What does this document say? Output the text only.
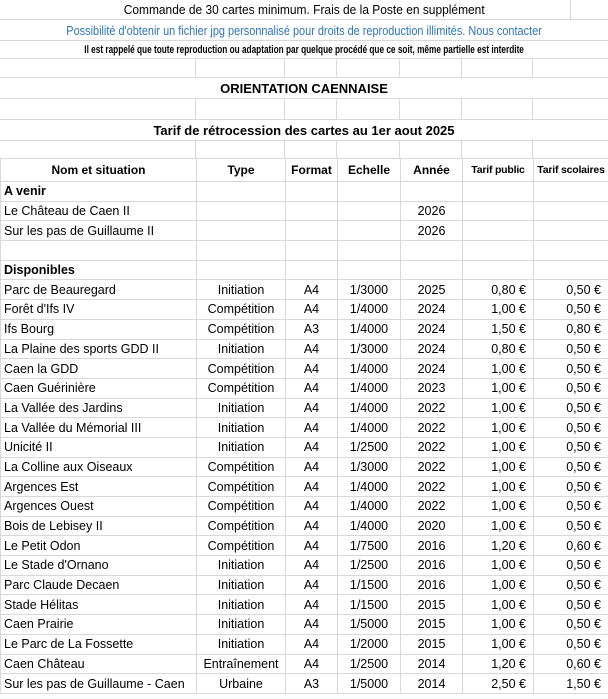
Commande de 30 cartes minimum. Frais de la Poste en supplément
Possibilité d'obtenir un fichier jpg personnalisé pour droits de reproduction illimités. Nous contacter
Il est rappelé que toute reproduction ou adaptation par quelque procédé que ce soit, même partielle est interdite
ORIENTATION CAENNAISE
Tarif de rétrocession des cartes au 1er aout 2025
Nom et situation	Type	Format	Echelle	Année	Tarif public	Tarif scolaires
A venir						
Le Château de Caen II				2026		
Sur les pas de Guillaume II				2026		

Disponibles						
Parc de Beauregard	Initiation	A4	1/3000	2025	0,80 €	0,50 €
Forêt d'Ifs IV	Compétition	A4	1/4000	2024	1,00 €	0,50 €
Ifs Bourg	Compétition	A3	1/4000	2024	1,50 €	0,80 €
La Plaine des sports GDD II	Initiation	A4	1/3000	2024	0,80 €	0,50 €
Caen la GDD	Compétition	A4	1/4000	2024	1,00 €	0,50 €
Caen Guérinière	Compétition	A4	1/4000	2023	1,00 €	0,50 €
La Vallée des Jardins	Initiation	A4	1/4000	2022	1,00 €	0,50 €
La Vallée du Mémorial III	Initiation	A4	1/4000	2022	1,00 €	0,50 €
Unicité II	Initiation	A4	1/2500	2022	1,00 €	0,50 €
La Colline aux Oiseaux	Compétition	A4	1/3000	2022	1,00 €	0,50 €
Argences Est	Compétition	A4	1/4000	2022	1,00 €	0,50 €
Argences Ouest	Compétition	A4	1/4000	2022	1,00 €	0,50 €
Bois de Lebisey II	Compétition	A4	1/4000	2020	1,00 €	0,50 €
Le Petit Odon	Compétition	A4	1/7500	2016	1,20 €	0,60 €
Le Stade d'Ornano	Initiation	A4	1/2500	2016	1,00 €	0,50 €
Parc Claude Decaen	Initiation	A4	1/1500	2016	1,00 €	0,50 €
Stade Hélitas	Initiation	A4	1/1500	2015	1,00 €	0,50 €
Caen Prairie	Initiation	A4	1/5000	2015	1,00 €	0,50 €
Le Parc de La Fossette	Initiation	A4	1/2000	2015	1,00 €	0,50 €
Caen Château	Entraînement	A4	1/2500	2014	1,20 €	0,60 €
Sur les pas de Guillaume - Caen	Urbaine	A3	1/5000	2014	2,50 €	1,50 €
